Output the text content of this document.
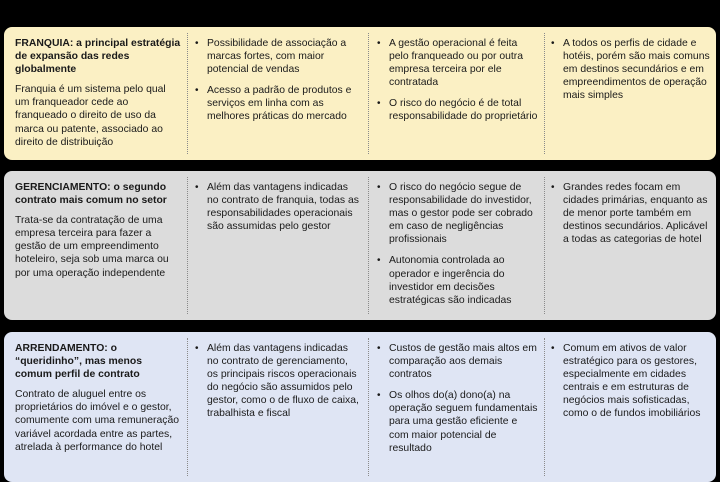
FRANQUIA: a principal estratégia de expansão das redes globalmente

Franquia é um sistema pelo qual um franqueador cede ao franqueado o direito de uso da marca ou patente, associado ao direito de distribuição

• Possibilidade de associação a marcas fortes, com maior potencial de vendas
• Acesso a padrão de produtos e serviços em linha com as melhores práticas do mercado
• A gestão operacional é feita pelo franqueado ou por outra empresa terceira por ele contratada
• O risco do negócio é de total responsabilidade do proprietário
• A todos os perfis de cidade e hotéis, porém são mais comuns em destinos secundários e em empreendimentos de operação mais simples

GERENCIAMENTO: o segundo contrato mais comum no setor

Trata-se da contratação de uma empresa terceira para fazer a gestão de um empreendimento hoteleiro, seja sob uma marca ou por uma operação independente

• Além das vantagens indicadas no contrato de franquia, todas as responsabilidades operacionais são assumidas pelo gestor
• O risco do negócio segue de responsabilidade do investidor, mas o gestor pode ser cobrado em caso de negligências profissionais
• Autonomia controlada ao operador e ingerência do investidor em decisões estratégicas são indicadas
• Grandes redes focam em cidades primárias, enquanto as de menor porte também em destinos secundários. Aplicável a todas as categorias de hotel

ARRENDAMENTO: o “queridinho”, mas menos comum perfil de contrato

Contrato de aluguel entre os proprietários do imóvel e o gestor, comumente com uma remuneração variável acordada entre as partes, atrelada à performance do hotel

• Além das vantagens indicadas no contrato de gerenciamento, os principais riscos operacionais do negócio são assumidos pelo gestor, como o de fluxo de caixa, trabalhista e fiscal
• Custos de gestão mais altos em comparação aos demais contratos
• Os olhos do(a) dono(a) na operação seguem fundamentais para uma gestão eficiente e com maior potencial de resultado
• Comum em ativos de valor estratégico para os gestores, especialmente em cidades centrais e em estruturas de negócios mais sofisticadas, como o de fundos imobiliários
